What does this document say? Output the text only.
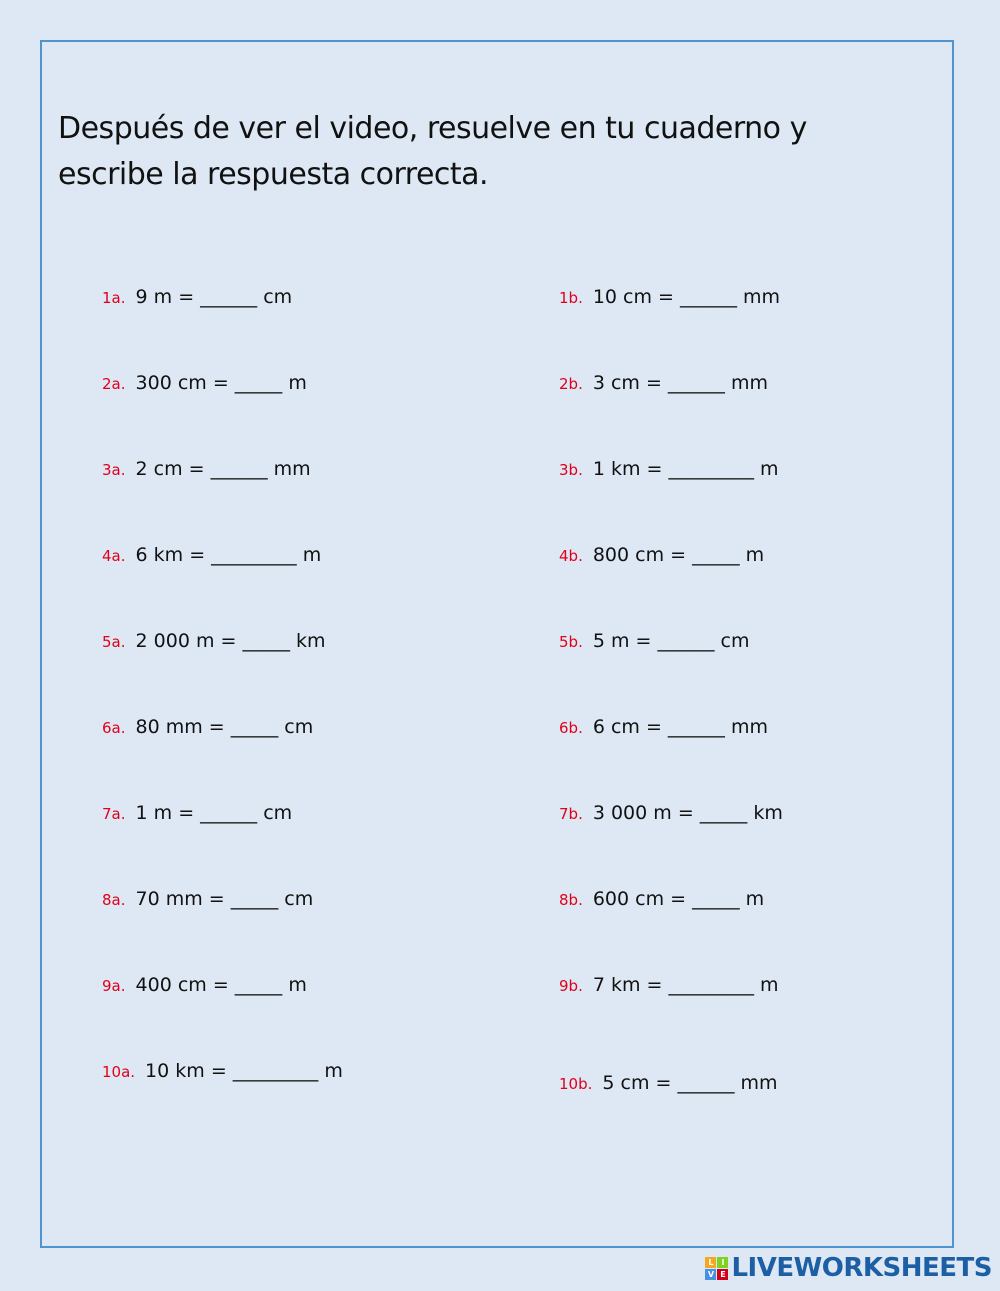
Después de ver el video, resuelve en tu cuaderno y escribe la respuesta correcta.

1a. 9 m = ______ cm
2a. 300 cm = _____ m
3a. 2 cm = ______ mm
4a. 6 km = _________ m
5a. 2 000 m = _____ km
6a. 80 mm = _____ cm
7a. 1 m = ______ cm
8a. 70 mm = _____ cm
9a. 400 cm = _____ m
10a. 10 km = _________ m
1b. 10 cm = ______ mm
2b. 3 cm = ______ mm
3b. 1 km = _________ m
4b. 800 cm = _____ m
5b. 5 m = ______ cm
6b. 6 cm = ______ mm
7b. 3 000 m = _____ km
8b. 600 cm = _____ m
9b. 7 km = _________ m
10b. 5 cm = ______ mm
L I
V E LIVEWORKSHEETS
